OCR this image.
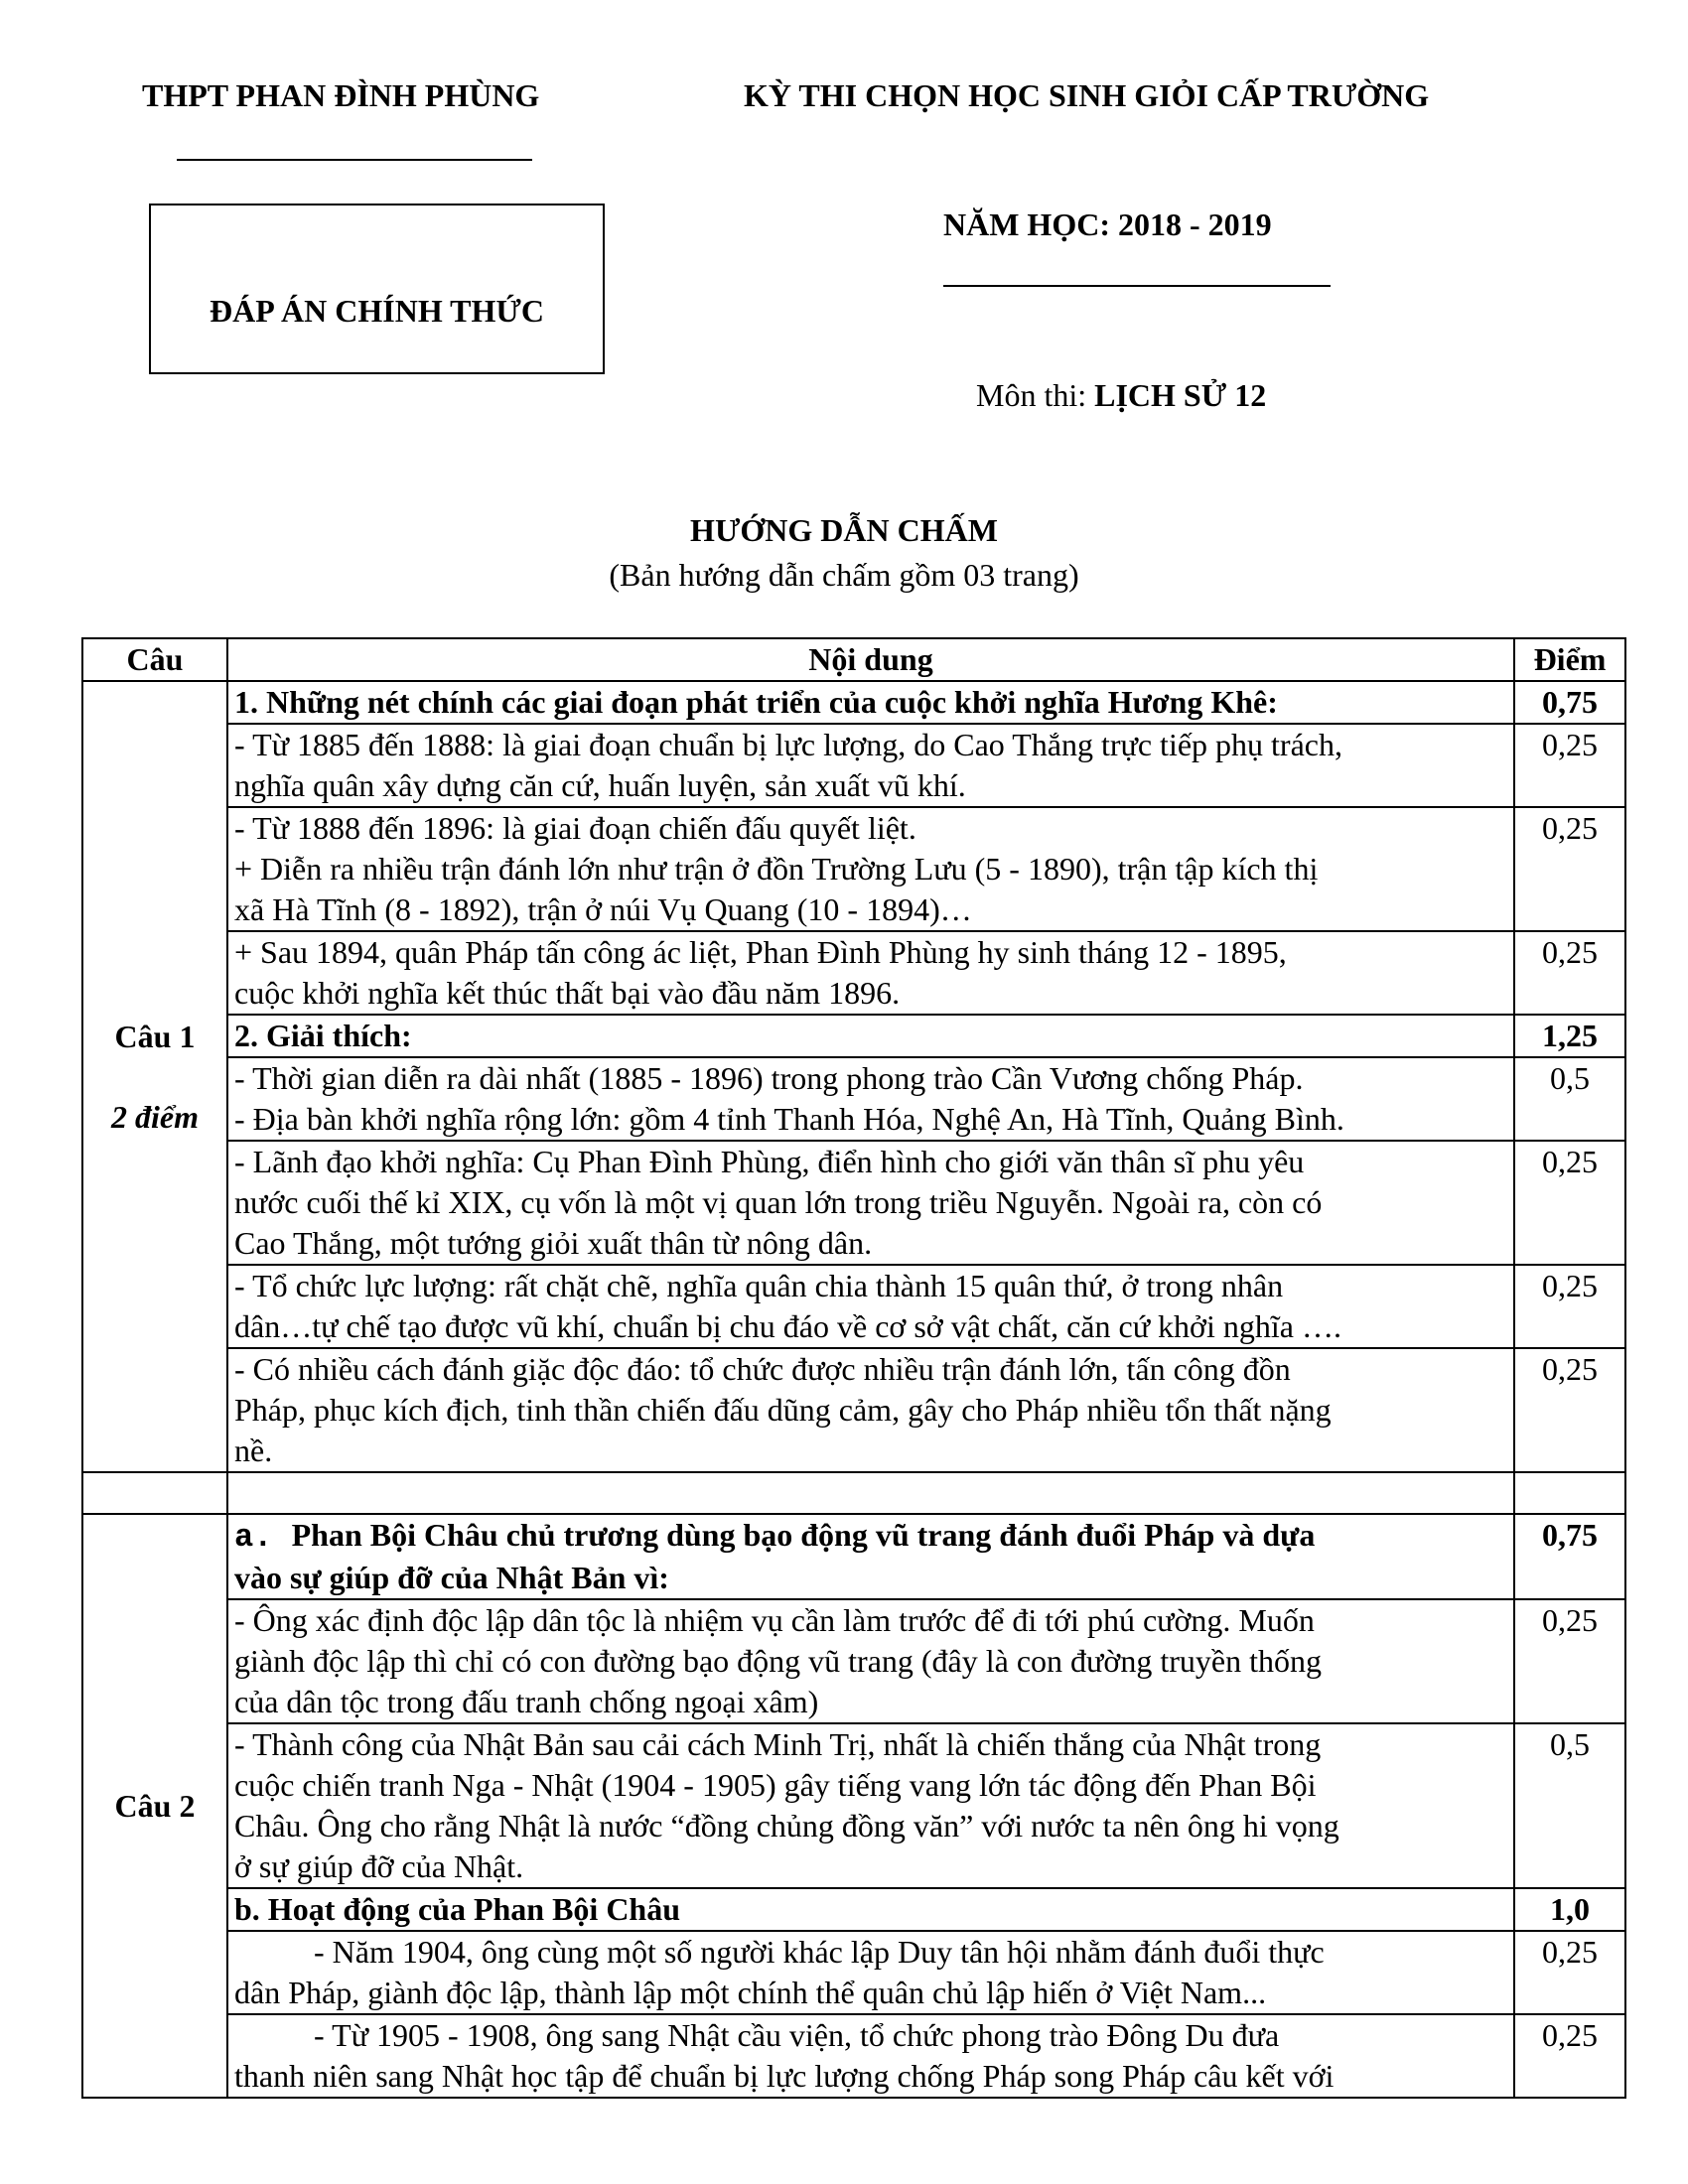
THPT PHAN ĐÌNH PHÙNG	KỲ THI CHỌN HỌC SINH GIỎI CẤP TRƯỜNG
ĐÁP ÁN CHÍNH THỨC
NĂM HỌC: 2018 - 2019
Môn thi: LỊCH SỬ 12
HƯỚNG DẪN CHẤM
(Bản hướng dẫn chấm gồm 03 trang)
Câu	Nội dung	Điểm

Câu 1
2 điểm	1. Những nét chính các giai đoạn phát triển của cuộc khởi nghĩa Hương Khê:	0,75

	- Từ 1885 đến 1888: là giai đoạn chuẩn bị lực lượng, do Cao Thắng trực tiếp phụ trách,
nghĩa quân xây dựng căn cứ, huấn luyện, sản xuất vũ khí.	0,25

	- Từ 1888 đến 1896: là giai đoạn chiến đấu quyết liệt.
+ Diễn ra nhiều trận đánh lớn như trận ở đồn Trường Lưu (5 - 1890), trận tập kích thị
xã Hà Tĩnh (8 - 1892), trận ở núi Vụ Quang (10 - 1894)…	0,25

	+ Sau 1894, quân Pháp tấn công ác liệt, Phan Đình Phùng hy sinh tháng 12 - 1895,
cuộc khởi nghĩa kết thúc thất bại vào đầu năm 1896.	0,25

	2. Giải thích:	1,25

	- Thời gian diễn ra dài nhất (1885 - 1896) trong phong trào Cần Vương chống Pháp.
- Địa bàn khởi nghĩa rộng lớn: gồm 4 tỉnh Thanh Hóa, Nghệ An, Hà Tĩnh, Quảng Bình.	0,5

	- Lãnh đạo khởi nghĩa: Cụ Phan Đình Phùng, điển hình cho giới văn thân sĩ phu yêu
nước cuối thế kỉ XIX, cụ vốn là một vị quan lớn trong triều Nguyễn. Ngoài ra, còn có
Cao Thắng, một tướng giỏi xuất thân từ nông dân.	0,25

	- Tổ chức lực lượng: rất chặt chẽ, nghĩa quân chia thành 15 quân thứ, ở trong nhân
dân…tự chế tạo được vũ khí, chuẩn bị chu đáo về cơ sở vật chất, căn cứ khởi nghĩa ….	0,25

	- Có nhiều cách đánh giặc độc đáo: tổ chức được nhiều trận đánh lớn, tấn công đồn
Pháp, phục kích địch, tinh thần chiến đấu dũng cảm, gây cho Pháp nhiều tổn thất nặng
nề.	0,25

Câu 2	a. Phan Bội Châu chủ trương dùng bạo động vũ trang đánh đuổi Pháp và dựa
vào sự giúp đỡ của Nhật Bản vì:	0,75

	- Ông xác định độc lập dân tộc là nhiệm vụ cần làm trước để đi tới phú cường. Muốn
giành độc lập thì chỉ có con đường bạo động vũ trang (đây là con đường truyền thống
của dân tộc trong đấu tranh chống ngoại xâm)	0,25

	- Thành công của Nhật Bản sau cải cách Minh Trị, nhất là chiến thắng của Nhật trong
cuộc chiến tranh Nga - Nhật (1904 - 1905) gây tiếng vang lớn tác động đến Phan Bội
Châu. Ông cho rằng Nhật là nước “đồng chủng đồng văn” với nước ta nên ông hi vọng
ở sự giúp đỡ của Nhật.	0,5

	b. Hoạt động của Phan Bội Châu	1,0

	- Năm 1904, ông cùng một số người khác lập Duy tân hội nhằm đánh đuổi thực
dân Pháp, giành độc lập, thành lập một chính thể quân chủ lập hiến ở Việt Nam...	0,25

	- Từ 1905 - 1908, ông sang Nhật cầu viện, tổ chức phong trào Đông Du đưa
thanh niên sang Nhật học tập để chuẩn bị lực lượng chống Pháp song Pháp câu kết với	0,25
